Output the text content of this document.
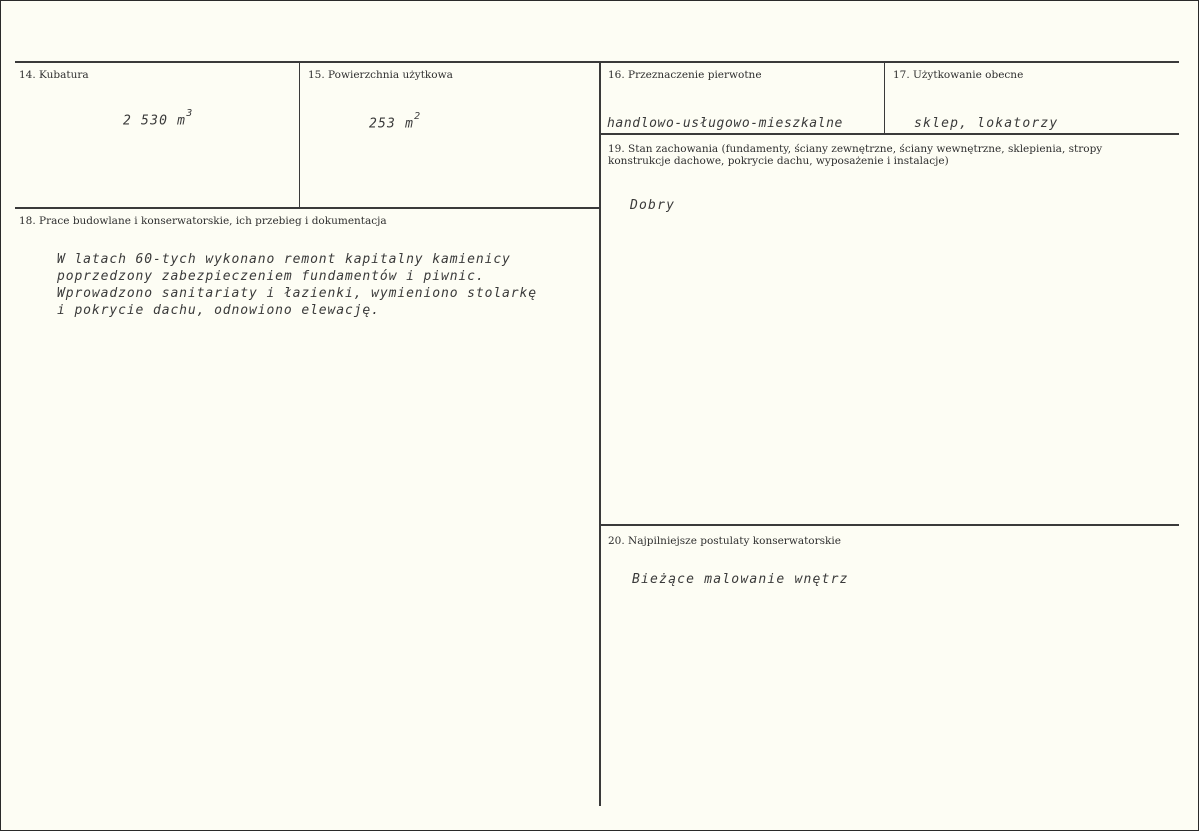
14. Kubatura
2 530 $m^3$
15. Powierzchnia użytkowa
253 $m^2$
16. Przeznaczenie pierwotne
handlowo-usługowo-mieszkalne
17. Użytkowanie obecne
sklep, lokatorzy
18. Prace budowlane i konserwatorskie, ich przebieg i dokumentacja
W latach 60-tych wykonano remont kapitalny kamienicy
poprzedzony zabezpieczeniem fundamentów i piwnic.
Wprowadzono sanitariaty i łazienki, wymieniono stolarkę
i pokrycie dachu, odnowiono elewację.
19. Stan zachowania (fundamenty, ściany zewnętrzne, ściany wewnętrzne, sklepienia, stropy konstrukcje dachowe, pokrycie dachu, wyposażenie i instalacje)
Dobry
20. Najpilniejsze postulaty konserwatorskie
Bieżące malowanie wnętrz
